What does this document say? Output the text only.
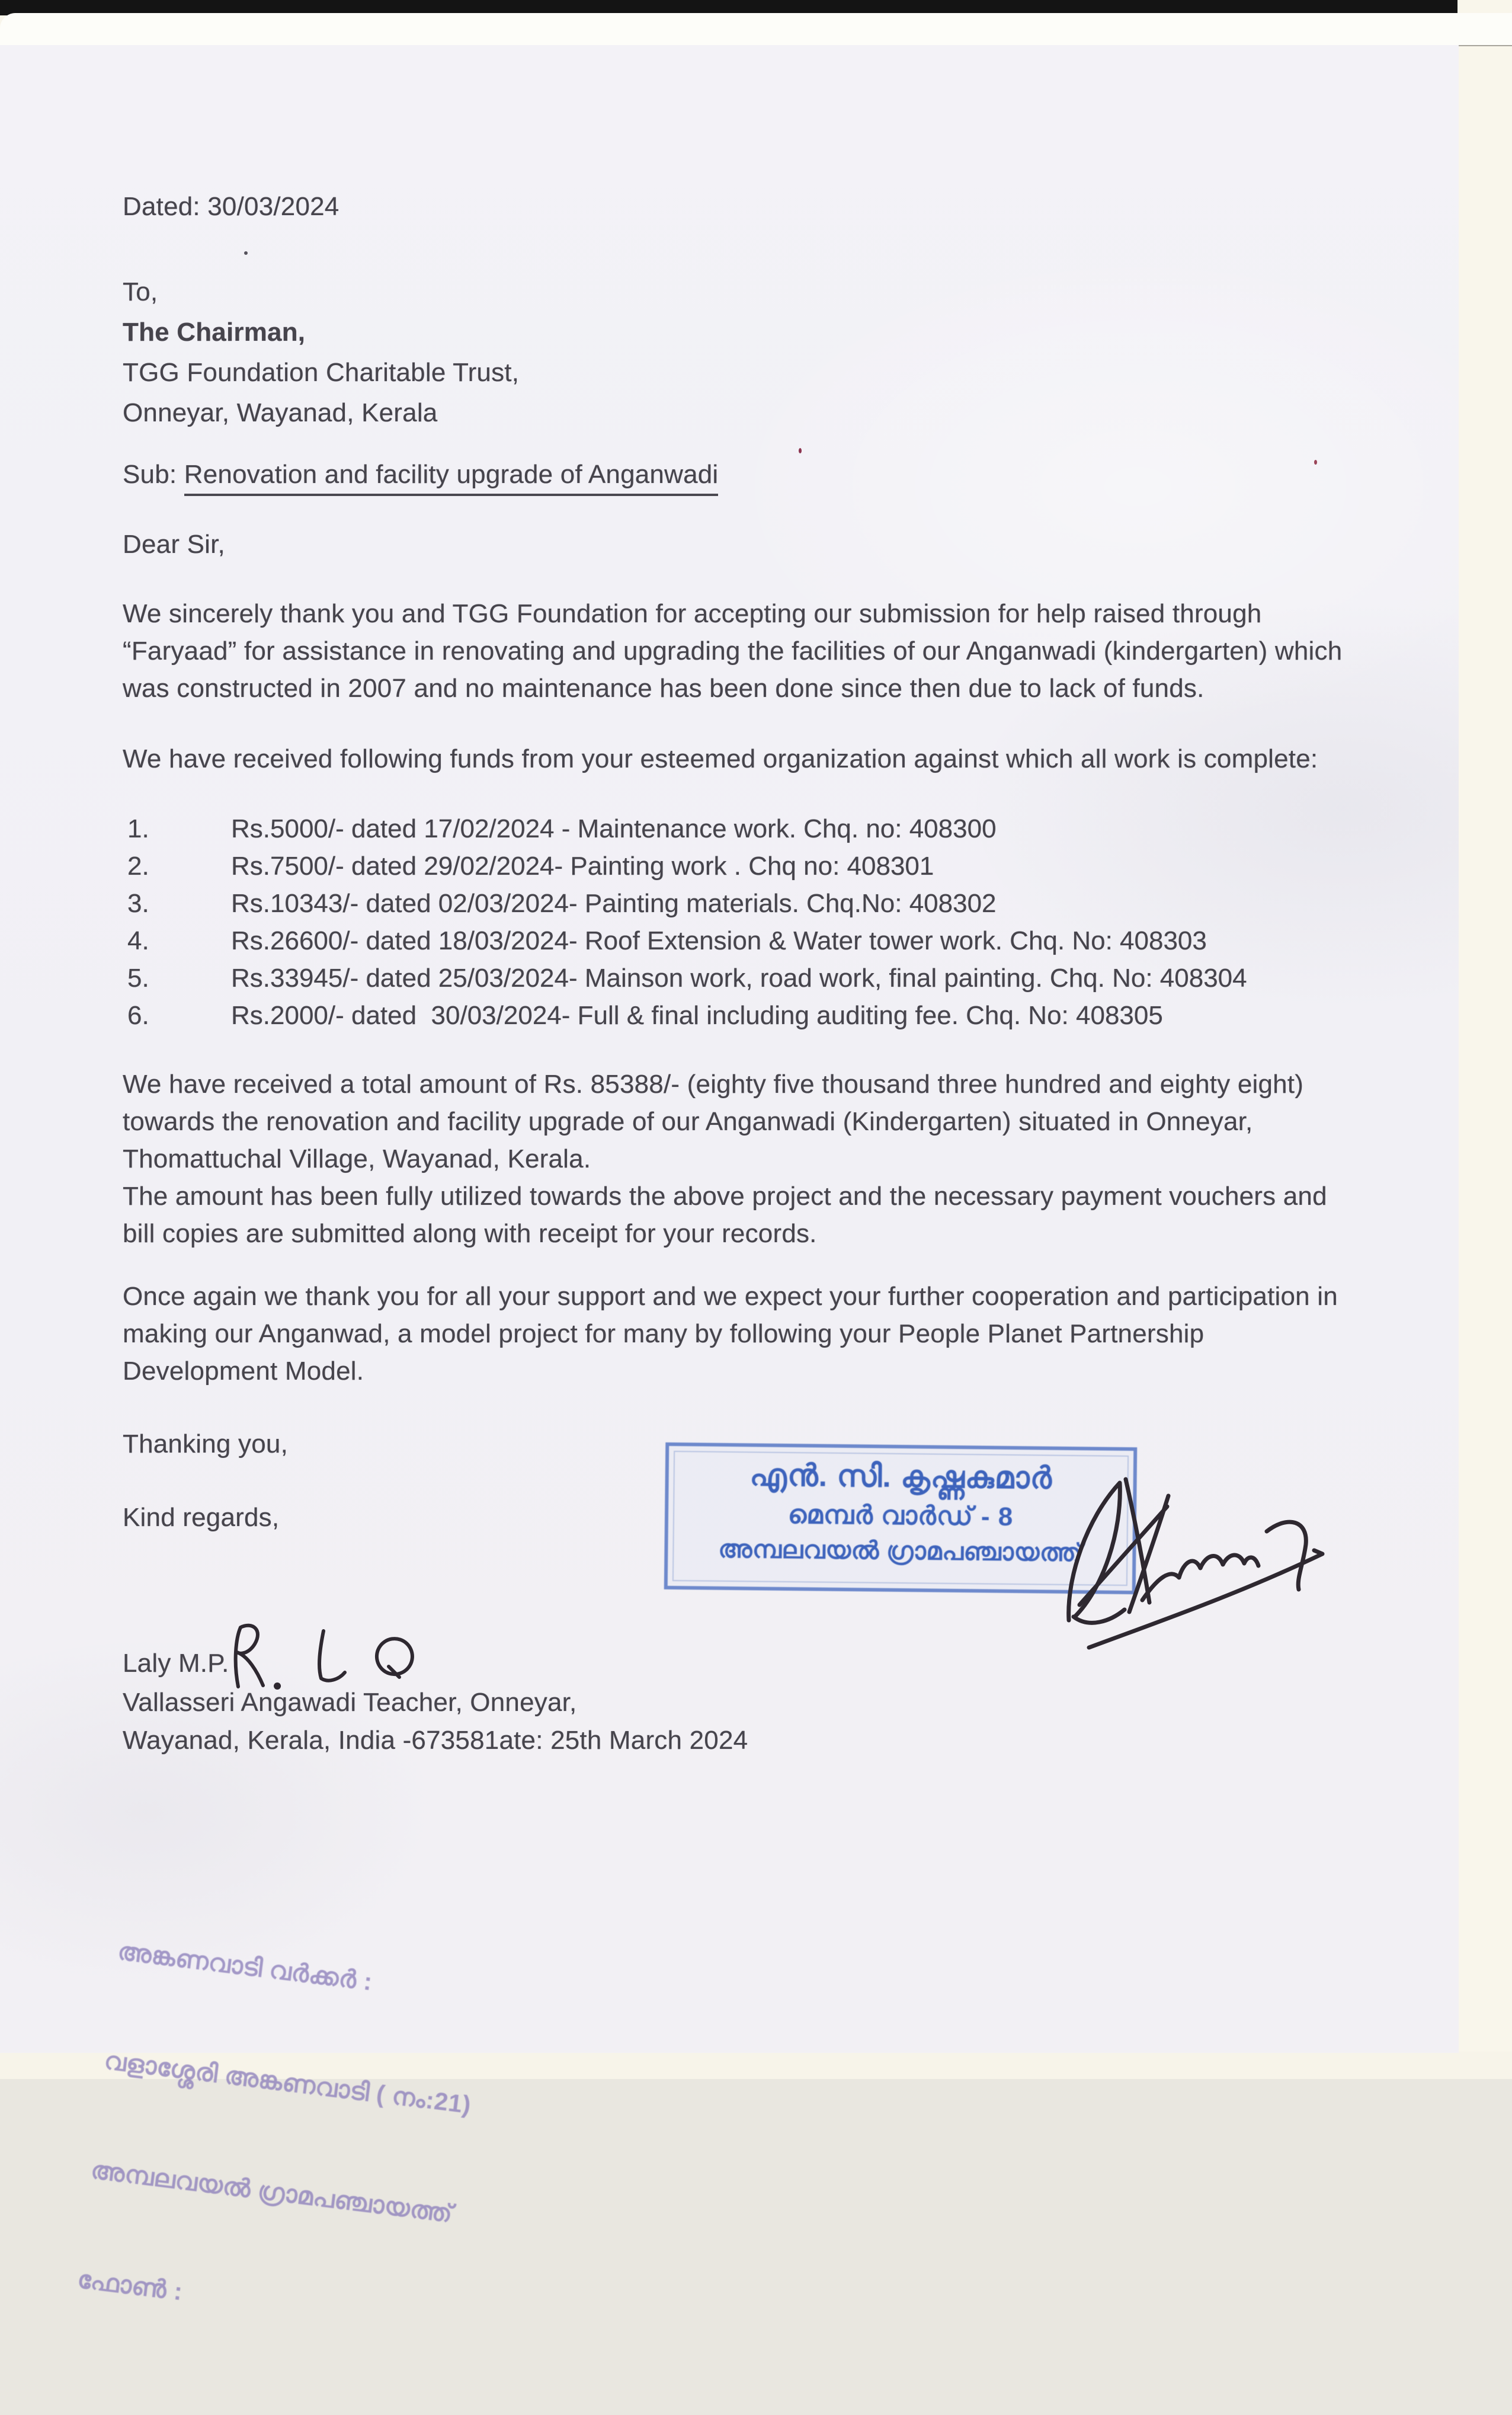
Dated: 30/03/2024
To,
The Chairman,
TGG Foundation Charitable Trust,
Onneyar, Wayanad, Kerala
Sub: Renovation and facility upgrade of Anganwadi
Dear Sir,
We sincerely thank you and TGG Foundation for accepting our submission for help raised through
“Faryaad” for assistance in renovating and upgrading the facilities of our Anganwadi (kindergarten) which
was constructed in 2007 and no maintenance has been done since then due to lack of funds.
We have received following funds from your esteemed organization against which all work is complete:
1.	Rs.5000/- dated 17/02/2024 - Maintenance work. Chq. no: 408300
2.	Rs.7500/- dated 29/02/2024- Painting work . Chq no: 408301
3.	Rs.10343/- dated 02/03/2024- Painting materials. Chq.No: 408302
4.	Rs.26600/- dated 18/03/2024- Roof Extension & Water tower work. Chq. No: 408303
5.	Rs.33945/- dated 25/03/2024- Mainson work, road work, final painting. Chq. No: 408304
6.	Rs.2000/- dated  30/03/2024- Full & final including auditing fee. Chq. No: 408305
We have received a total amount of Rs. 85388/- (eighty five thousand three hundred and eighty eight)
towards the renovation and facility upgrade of our Anganwadi (Kindergarten) situated in Onneyar,
Thomattuchal Village, Wayanad, Kerala.
The amount has been fully utilized towards the above project and the necessary payment vouchers and
bill copies are submitted along with receipt for your records.
Once again we thank you for all your support and we expect your further cooperation and participation in
making our Anganwad, a model project for many by following your People Planet Partnership
Development Model.
Thanking you,
Kind regards,
എൻ. സി. കൃഷ്ണകുമാർ
മെമ്പർ വാർഡ് - 8
അമ്പലവയൽ ഗ്രാമപഞ്ചായത്ത്
Laly M.P.
Vallasseri Angawadi Teacher, Onneyar,
Wayanad, Kerala, India -673581ate: 25th March 2024

അങ്കണവാടി വർക്കർ :

വളാശ്ശേരി അങ്കണവാടി ( നം:21)

അമ്പലവയൽ ഗ്രാമപഞ്ചായത്ത്

ഫോൺ :
